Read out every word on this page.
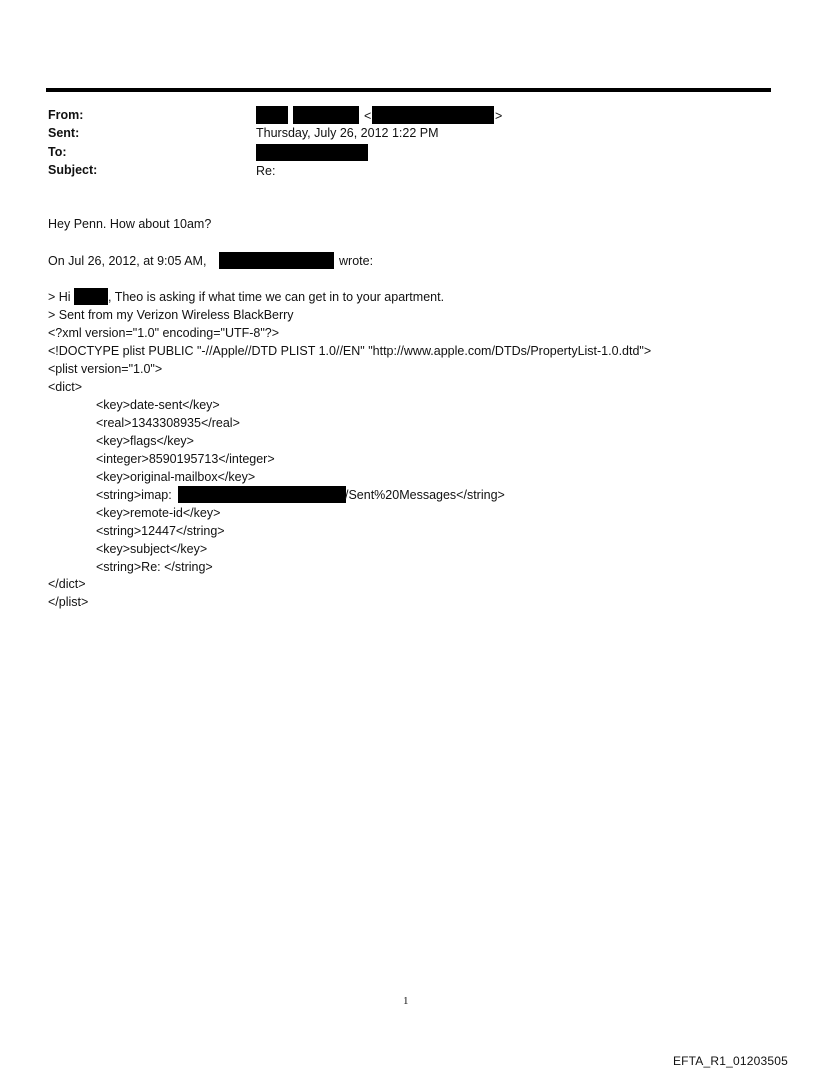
From:	<	>
Sent:	Thursday, July 26, 2012 1:22 PM
To:
Subject:	Re:
Hey Penn. How about 10am?
On Jul 26, 2012, at 9:05 AM,	wrote:
> Hi	, Theo is asking if what time we can get in to your apartment.
> Sent from my Verizon Wireless BlackBerry
<?xml version="1.0" encoding="UTF-8"?>
<!DOCTYPE plist PUBLIC "-//Apple//DTD PLIST 1.0//EN" "http://www.apple.com/DTDs/PropertyList-1.0.dtd">
<plist version="1.0">
<dict>
<key>date-sent</key>
<real>1343308935</real>
<key>flags</key>
<integer>8590195713</integer>
<key>original-mailbox</key>
<string>imap:	/Sent%20Messages</string>
<key>remote-id</key>
<string>12447</string>
<key>subject</key>
<string>Re: </string>
</dict>
</plist>
1
EFTA_R1_01203505
